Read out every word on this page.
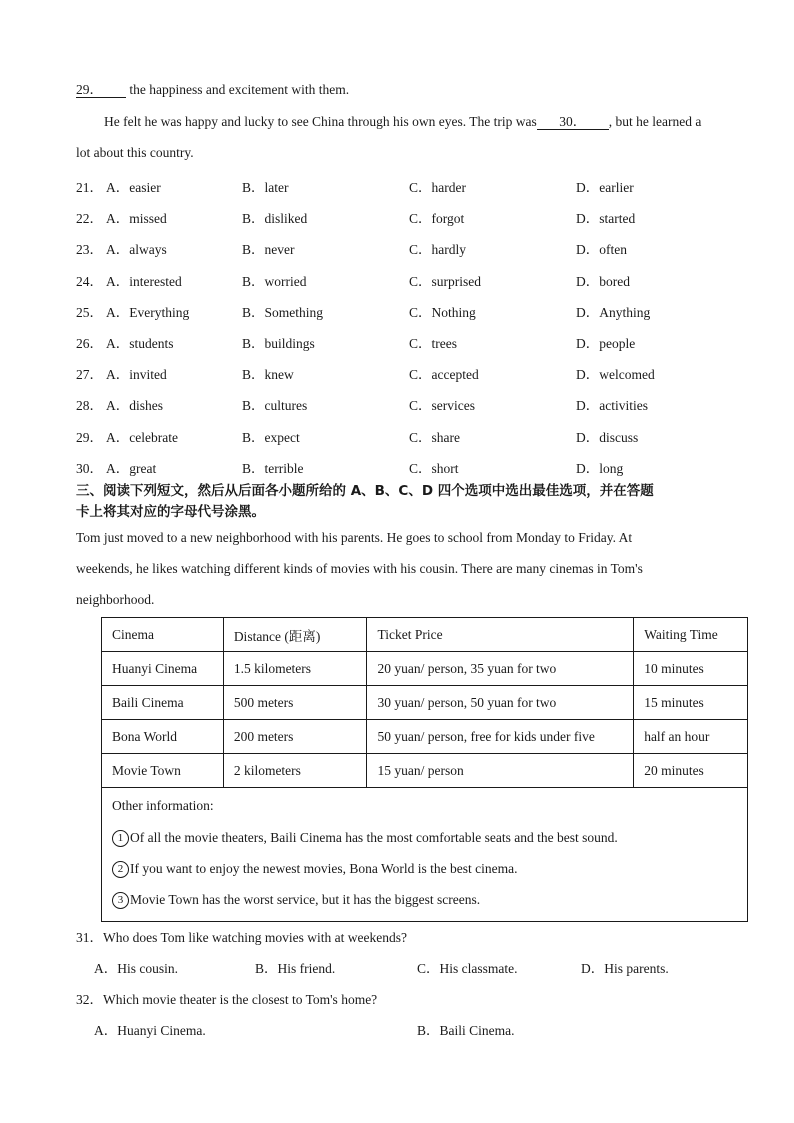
29． the happiness and excitement with them.
He felt he was happy and lucky to see China through his own eyes. The trip was 30． , but he learned a
lot about this country.
21． A．easier	B．later	C．harder	D．earlier
22． A．missed	B．disliked	C．forgot	D．started
23． A．always	B．never	C．hardly	D．often
24． A．interested	B．worried	C．surprised	D．bored
25． A．Everything	B．Something	C．Nothing	D．Anything
26． A．students	B．buildings	C．trees	D．people
27． A．invited	B．knew	C．accepted	D．welcomed
28． A．dishes	B．cultures	C．services	D．activities
29． A．celebrate	B．expect	C．share	D．discuss
30． A．great	B．terrible	C．short	D．long
三、阅读下列短文，然后从后面各小题所给的 A、B、C、D 四个选项中选出最佳选项，并在答题
卡上将其对应的字母代号涂黑。
Tom just moved to a new neighborhood with his parents. He goes to school from Monday to Friday. At
weekends, he likes watching different kinds of movies with his cousin. There are many cinemas in Tom's
neighborhood.
Cinema	Distance (距离)	Ticket Price	Waiting Time
Huanyi Cinema	1.5 kilometers	20 yuan/ person, 35 yuan for two	10 minutes
Baili Cinema	500 meters	30 yuan/ person, 50 yuan for two	15 minutes
Bona World	200 meters	50 yuan/ person, free for kids under five	half an hour
Movie Town	2 kilometers	15 yuan/ person	20 minutes

Other information:
1 Of all the movie theaters, Baili Cinema has the most comfortable seats and the best sound.
2 If you want to enjoy the newest movies, Bona World is the best cinema.
3 Movie Town has the worst service, but it has the biggest screens.			
31．Who does Tom like watching movies with at weekends?
A．His cousin.	B．His friend.	C．His classmate.	D．His parents.
32．Which movie theater is the closest to Tom's home?
A．Huanyi Cinema.	B．Baili Cinema.
